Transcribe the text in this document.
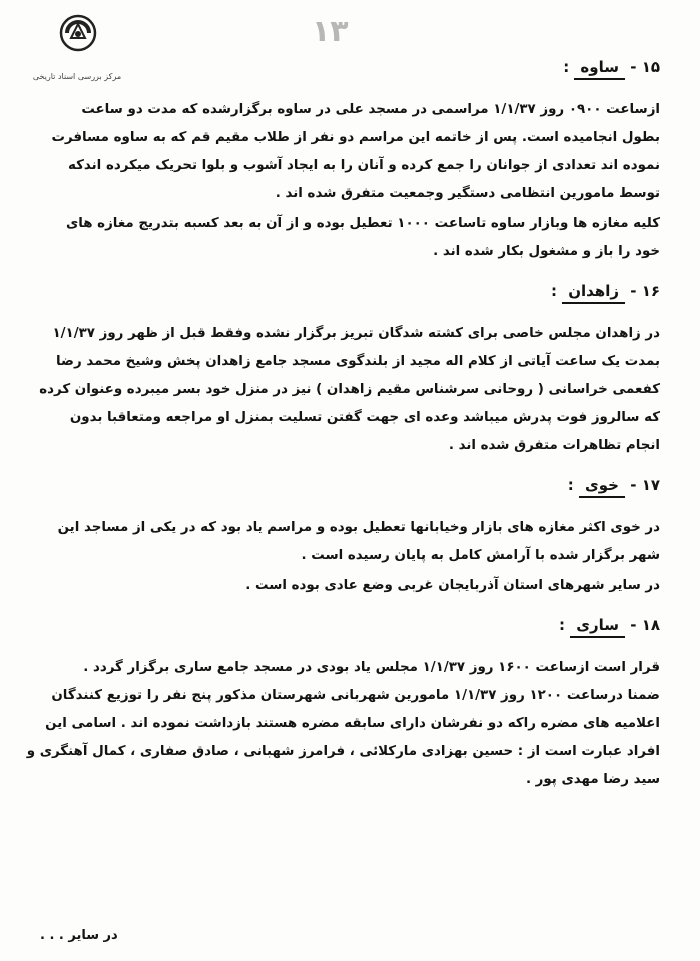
مرکز بررسی اسناد تاریخی
۱۳
۱۵ - ساوه :

ازساعت ۰۹۰۰ روز ۱/۱/۳۷ مراسمی در مسجد علی در ساوه برگزارشده که مدت دو ساعت
بطول انجامیده است. پس از خاتمه این مراسم دو نفر از طلاب مقیم قم که به ساوه مسافرت
نموده اند تعدادی از جوانان را جمع کرده و آنان را به ایجاد آشوب و بلوا تحریک میکرده اندکه
توسط مامورین انتظامی دستگیر وجمعیت متفرق شده اند .

کلیه مغازه ها وبازار ساوه تاساعت ۱۰۰۰ تعطیل بوده و از آن به بعد کسبه بتدریج مغازه های
خود را باز و مشغول بکار شده اند .

۱۶ - زاهدان :

در زاهدان مجلس خاصی برای کشته شدگان تبریز برگزار نشده وفقط قبل از ظهر روز ۱/۱/۳۷
بمدت یک ساعت آیاتی از کلام اله مجید از بلندگوی مسجد جامع زاهدان پخش وشیخ محمد رضا
کفعمی خراسانی ( روحانی سرشناس مقیم زاهدان ) نیز در منزل خود بسر میبرده وعنوان کرده
که سالروز فوت پدرش میباشد وعده ای جهت گفتن تسلیت بمنزل او مراجعه ومتعاقبا بدون
انجام تظاهرات متفرق شده اند .

۱۷ - خوی :

در خوی اکثر مغازه های بازار وخیابانها تعطیل بوده و مراسم یاد بود که در یکی از مساجد این
شهر برگزار شده با آرامش کامل به پایان رسیده است .

در سایر شهرهای استان آذربایجان غربی وضع عادی بوده است .

۱۸ - ساری :

قرار است ازساعت ۱۶۰۰ روز ۱/۱/۳۷ مجلس یاد بودی در مسجد جامع ساری برگزار گردد .
ضمنا درساعت ۱۲۰۰ روز ۱/۱/۳۷ مامورین شهربانی شهرستان مذکور پنج نفر را توزیع کنندگان
اعلامیه های مضره راکه دو نفرشان دارای سابقه مضره هستند بازداشت نموده اند . اسامی این
افراد عبارت است از : حسین بهزادی مارکلائی ، فرامرز شهبانی ، صادق صفاری ، کمال آهنگری و
سید رضا مهدی پور .

در سایر . . .
